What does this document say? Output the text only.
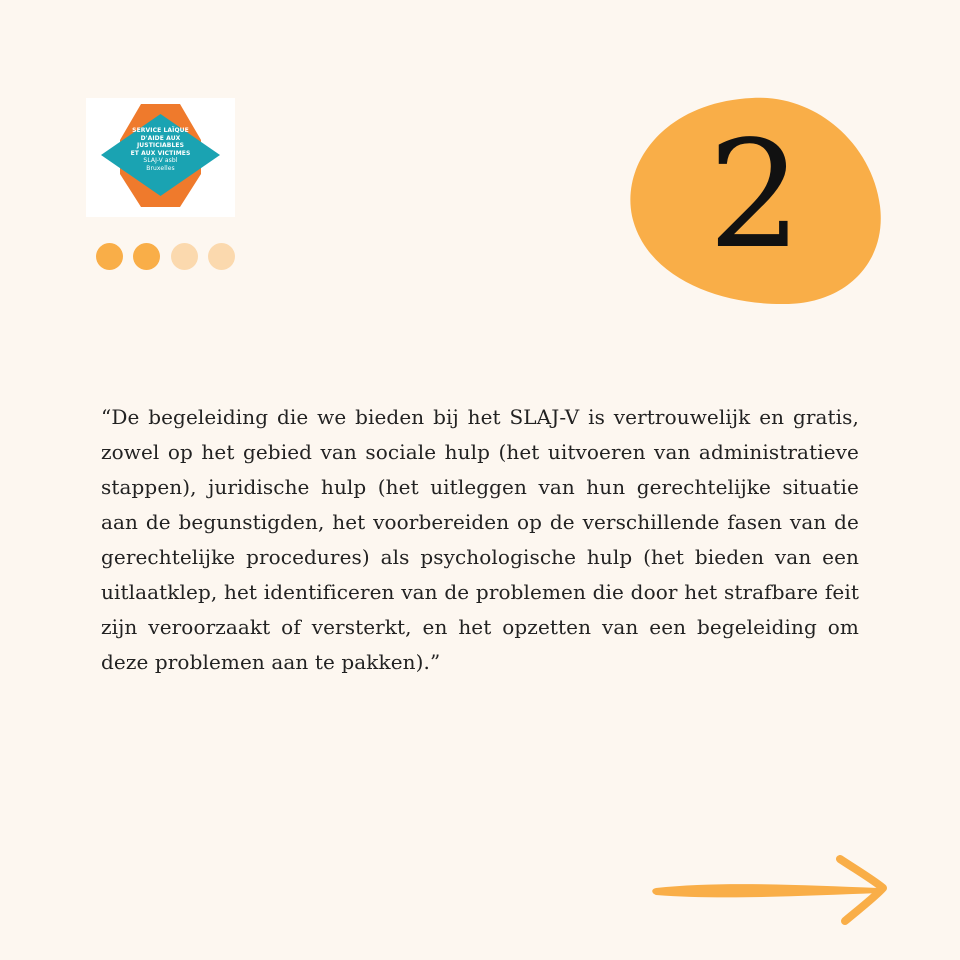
SERVICE LAÏQUE
D'AIDE AUX
JUSTICIABLES
ET AUX VICTIMES
SLAJ-V asbl
Bruxelles	2

“De begeleiding die we bieden bij het SLAJ-V is vertrouwelijk en gratis, zowel op het gebied van sociale hulp (het uitvoeren van administratieve stappen), juridische hulp (het uitleggen van hun gerechtelijke situatie aan de begunstigden, het voorbereiden op de verschillende fasen van de gerechtelijke procedures) als psychologische hulp (het bieden van een uitlaatklep, het identificeren van de problemen die door het strafbare feit zijn veroorzaakt of versterkt, en het opzetten van een begeleiding om deze problemen aan te pakken).”
